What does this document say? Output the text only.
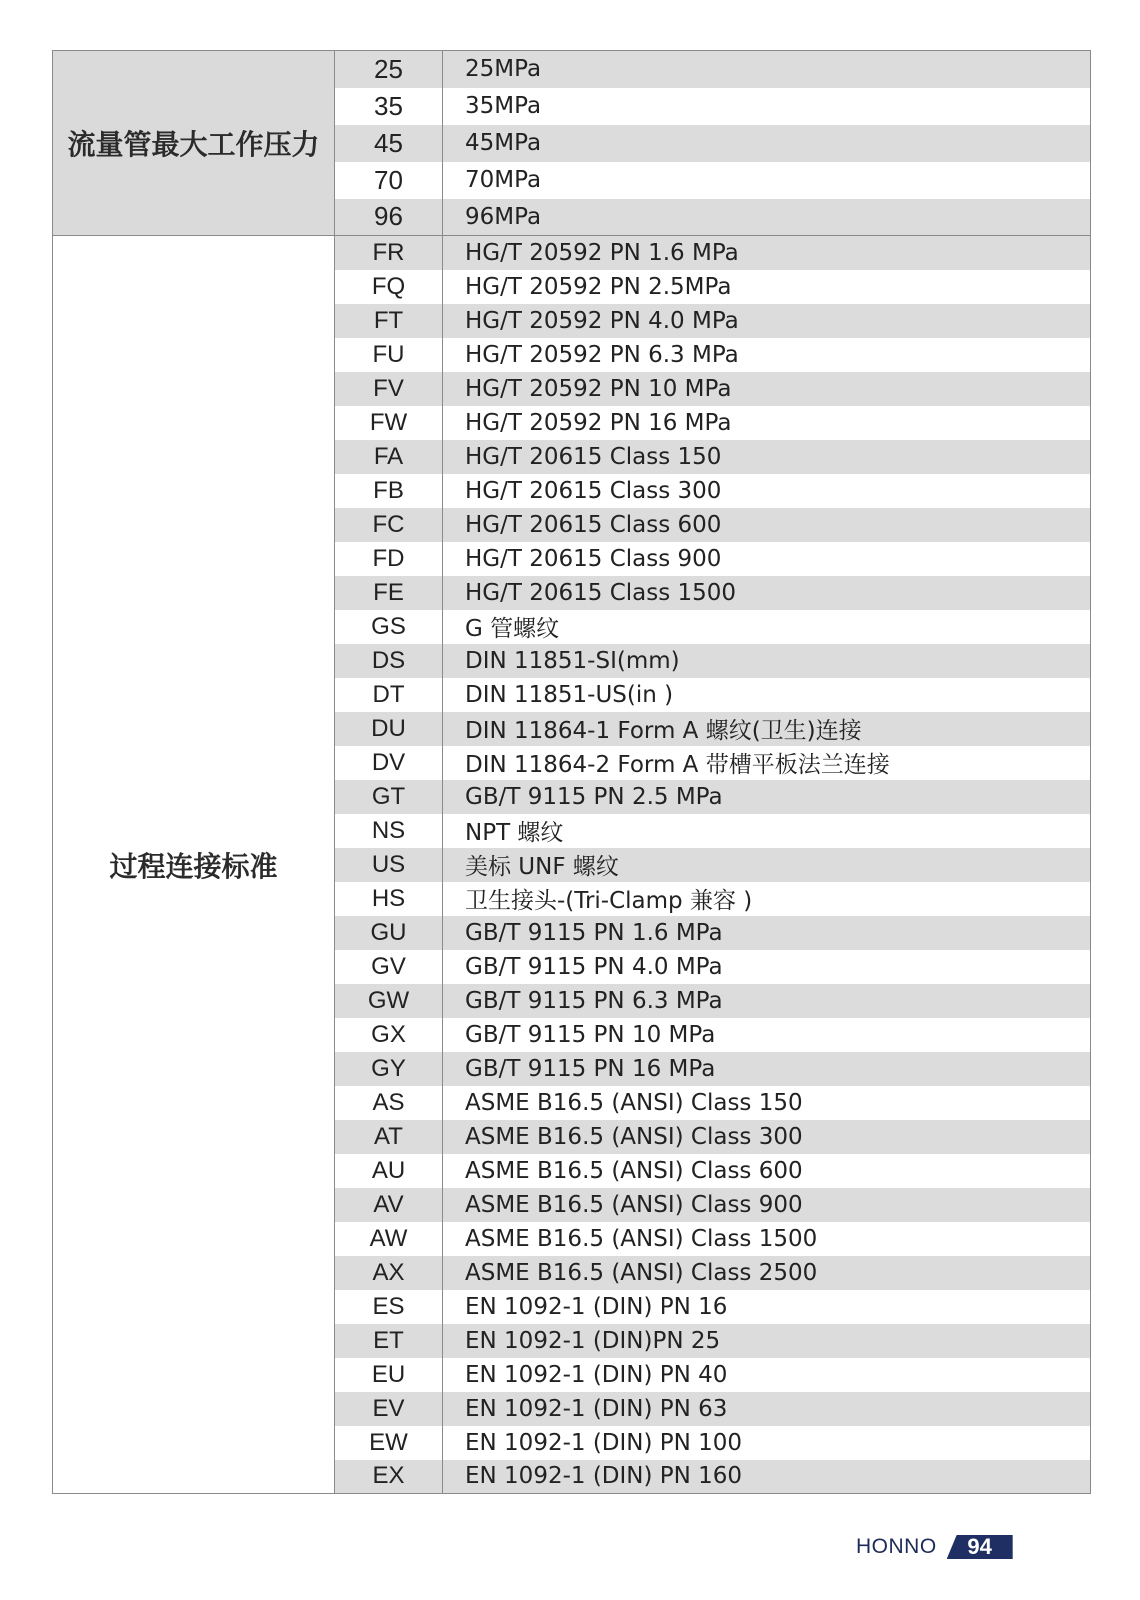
流量管最大工作压力	25	25MPa
	35	35MPa
	45	45MPa
	70	70MPa
	96	96MPa
过程连接标准	FR	HG/T 20592 PN 1.6 MPa
	FQ	HG/T 20592 PN 2.5MPa
	FT	HG/T 20592 PN 4.0 MPa
	FU	HG/T 20592 PN 6.3 MPa
	FV	HG/T 20592 PN 10 MPa
	FW	HG/T 20592 PN 16 MPa
	FA	HG/T 20615 Class 150
	FB	HG/T 20615 Class 300
	FC	HG/T 20615 Class 600
	FD	HG/T 20615 Class 900
	FE	HG/T 20615 Class 1500
	GS	G 管螺纹
	DS	DIN 11851-SI(mm)
	DT	DIN 11851-US(in )
	DU	DIN 11864-1 Form A 螺纹(卫生)连接
	DV	DIN 11864-2 Form A 带槽平板法兰连接
	GT	GB/T 9115 PN 2.5 MPa
	NS	NPT 螺纹
	US	美标 UNF 螺纹
	HS	卫生接头-(Tri-Clamp 兼容 )
	GU	GB/T 9115 PN 1.6 MPa
	GV	GB/T 9115 PN 4.0 MPa
	GW	GB/T 9115 PN 6.3 MPa
	GX	GB/T 9115 PN 10 MPa
	GY	GB/T 9115 PN 16 MPa
	AS	ASME B16.5 (ANSI) Class 150
	AT	ASME B16.5 (ANSI) Class 300
	AU	ASME B16.5 (ANSI) Class 600
	AV	ASME B16.5 (ANSI) Class 900
	AW	ASME B16.5 (ANSI) Class 1500
	AX	ASME B16.5 (ANSI) Class 2500
	ES	EN 1092-1 (DIN) PN 16
	ET	EN 1092-1 (DIN)PN 25
	EU	EN 1092-1 (DIN) PN 40
	EV	EN 1092-1 (DIN) PN 63
	EW	EN 1092-1 (DIN) PN 100
	EX	EN 1092-1 (DIN) PN 160
HONNO	94
